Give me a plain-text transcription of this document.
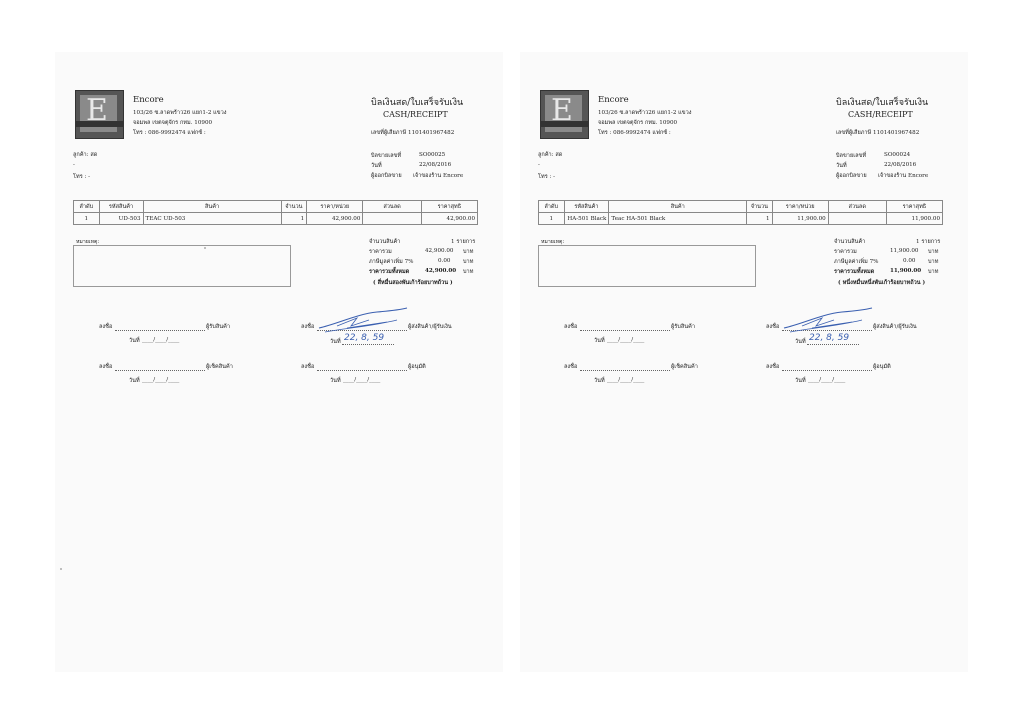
E	Encore
103/26 ซ.ลาดพร้าว26 แยก1-2 แขวง
จอมพล เขตจตุจักร กทม. 10900
โทร : 086-9992474 แฟกซ์ :
บิลเงินสด/ใบเสร็จรับเงิน
CASH/RECEIPT
เลขที่ผู้เสียภาษี 1101401967482
ลูกค้า: สด
-
โทร : -
บิลขายเลขที่	SO00025
วันที่	22/08/2016
ผู้ออกบิลขาย เจ้าของร้าน Encore
ลำดับ	รหัสสินค้า	สินค้า	จำนวน	ราคา/หน่วย	ส่วนลด	ราคาสุทธิ
1	UD-503	TEAC UD-503	1	42,900.00		42,900.00
หมายเหตุ:	จำนวนสินค้า	1 รายการ
ราคารวม	42,900.00 บาท
ภาษีมูลค่าเพิ่ม 7%	0.00 บาท
ราคารวมทั้งหมด	42,900.00 บาท
( สี่หมื่นสองพันเก้าร้อยบาทถ้วน )
ลงชื่อ	ผู้รับสินค้า
วันที่ ____/____/____
ลงชื่อ	ผู้ส่งสินค้า/ผู้รับเงิน
วันที่ 22, 8, 59
ลงชื่อ	ผู้เช็คสินค้า
วันที่ ____/____/____
ลงชื่อ	ผู้อนุมัติ
วันที่ ____/____/____
E	Encore
103/26 ซ.ลาดพร้าว26 แยก1-2 แขวง
จอมพล เขตจตุจักร กทม. 10900
โทร : 086-9992474 แฟกซ์ :
บิลเงินสด/ใบเสร็จรับเงิน
CASH/RECEIPT
เลขที่ผู้เสียภาษี 1101401967482
ลูกค้า: สด
-
โทร : -
บิลขายเลขที่	SO00024
วันที่	22/08/2016
ผู้ออกบิลขาย เจ้าของร้าน Encore
ลำดับ	รหัสสินค้า	สินค้า	จำนวน	ราคา/หน่วย	ส่วนลด	ราคาสุทธิ
1	HA-501 Black	Teac HA-501 Black	1	11,900.00		11,900.00
หมายเหตุ:	จำนวนสินค้า	1 รายการ
ราคารวม	11,900.00 บาท
ภาษีมูลค่าเพิ่ม 7%	0.00 บาท
ราคารวมทั้งหมด	11,900.00 บาท
( หนึ่งหมื่นหนึ่งพันเก้าร้อยบาทถ้วน )
ลงชื่อ	ผู้รับสินค้า
วันที่ ____/____/____
ลงชื่อ	ผู้ส่งสินค้า/ผู้รับเงิน
วันที่ 22, 8, 59
ลงชื่อ	ผู้เช็คสินค้า
วันที่ ____/____/____
ลงชื่อ	ผู้อนุมัติ
วันที่ ____/____/____
